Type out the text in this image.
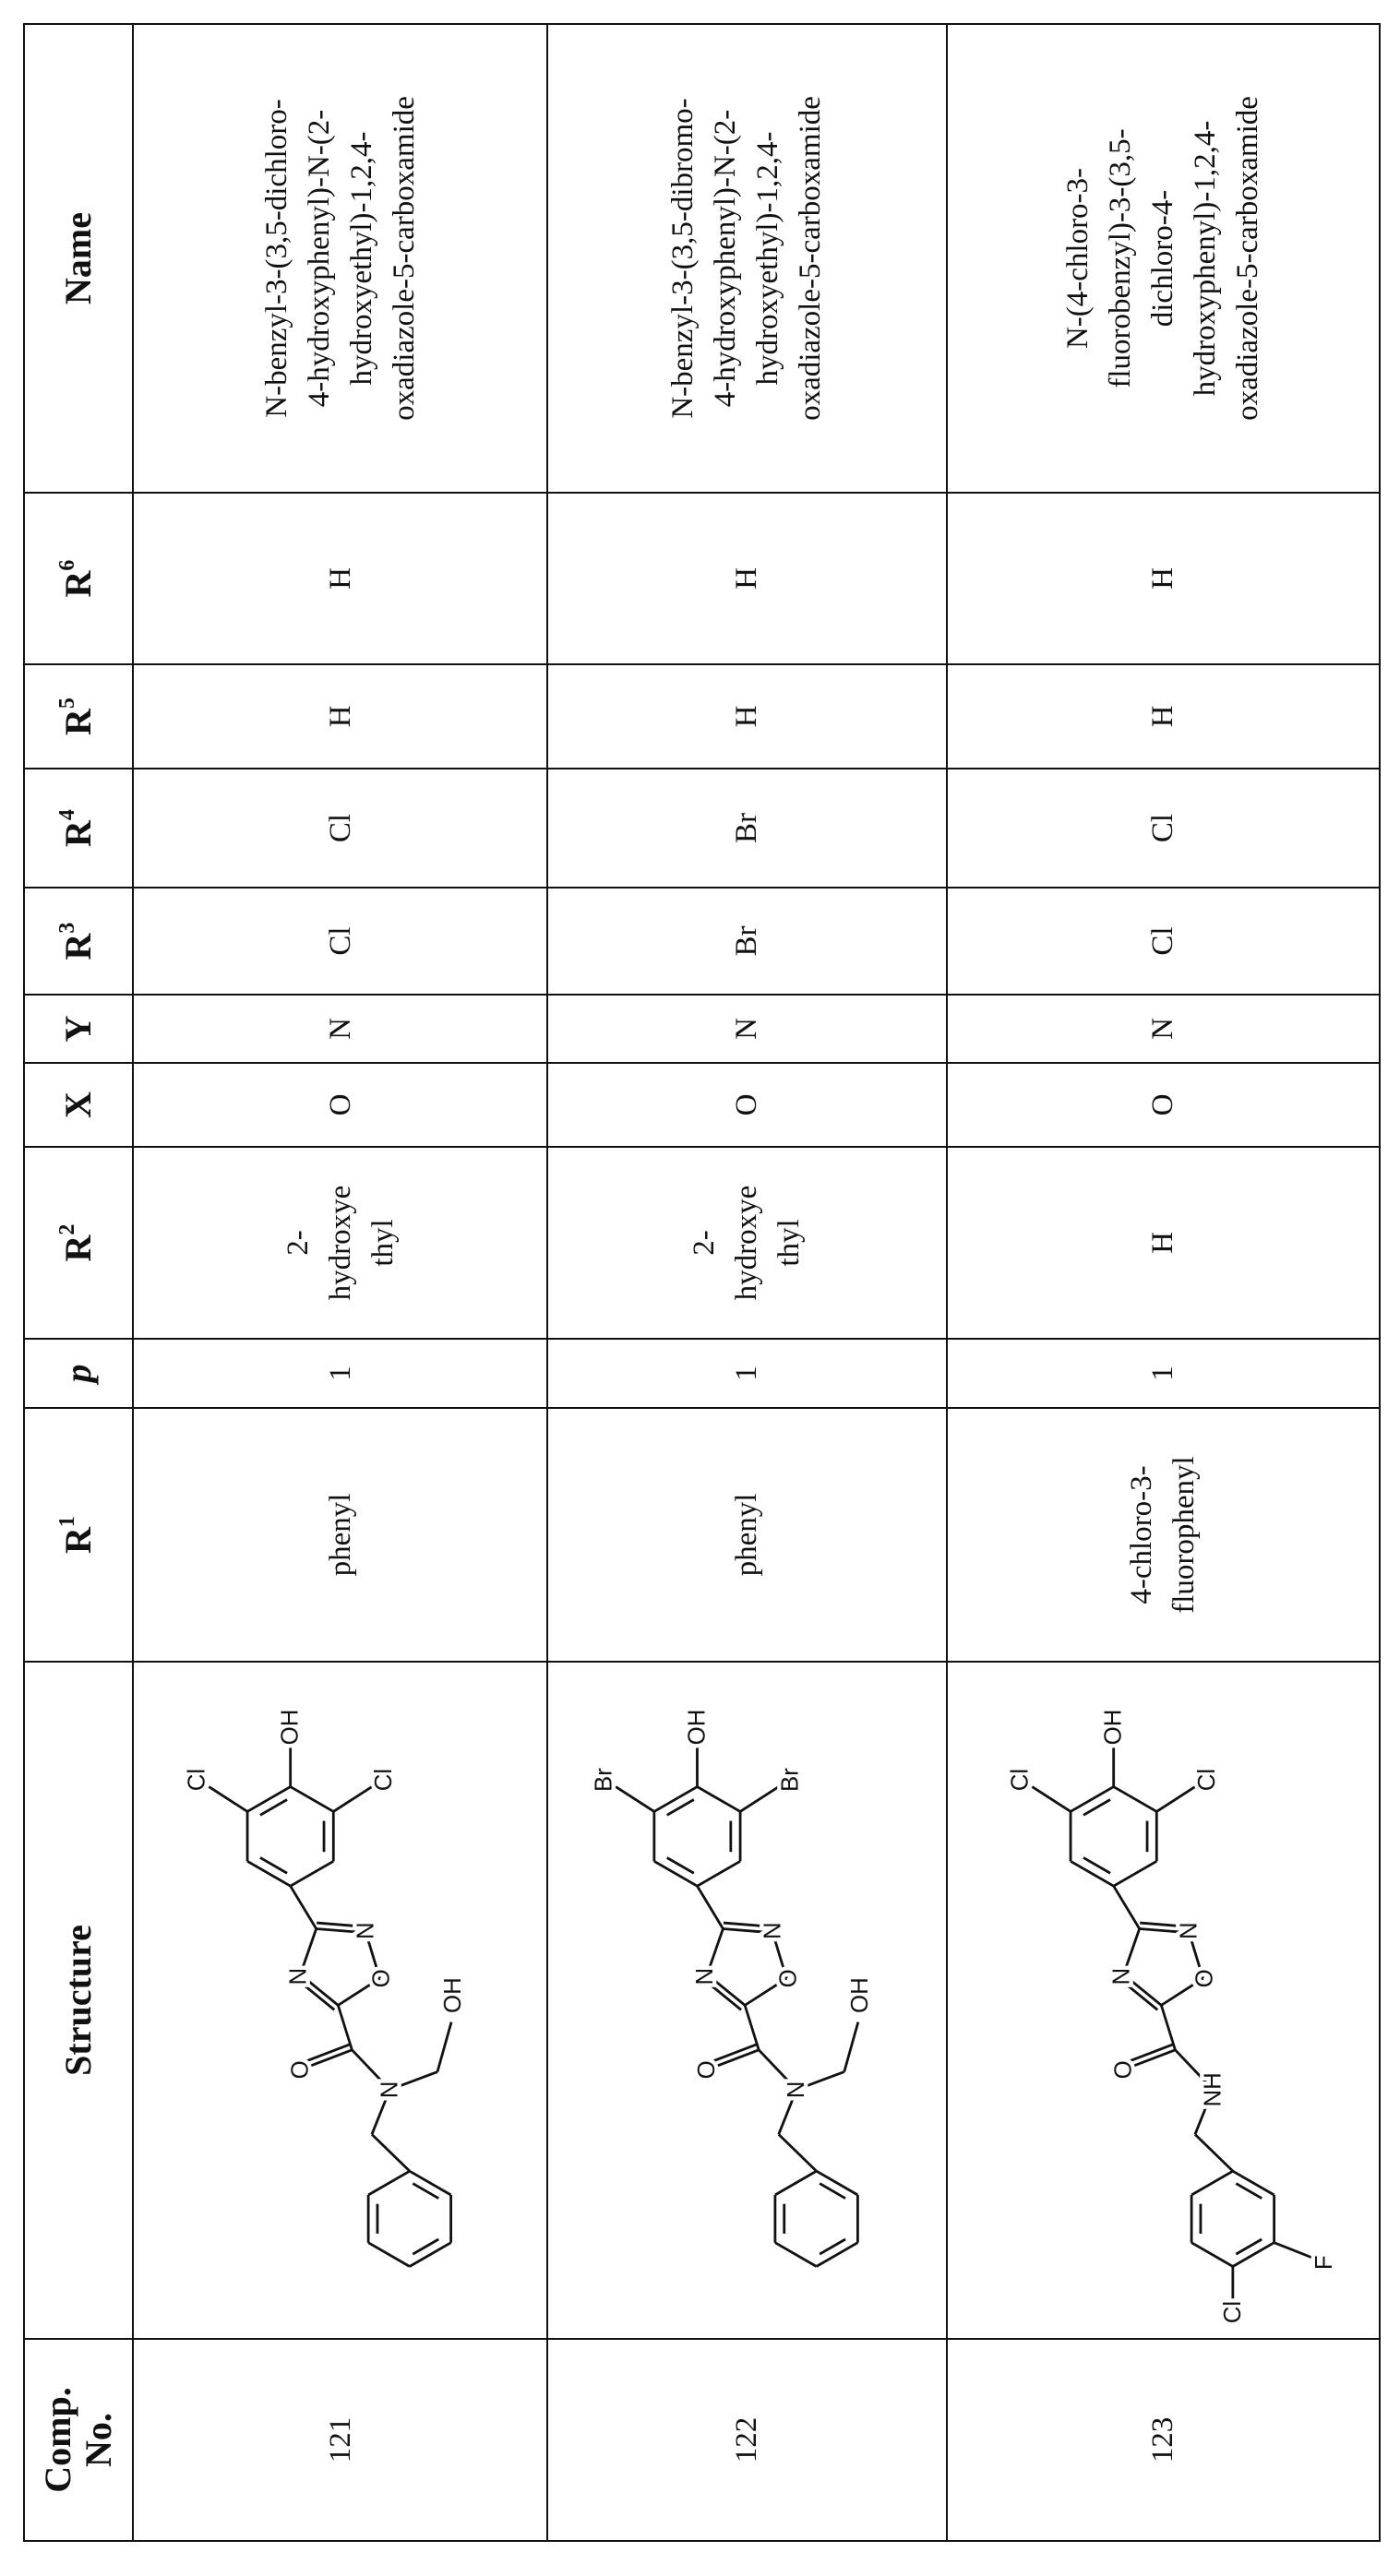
Comp. No.
	Structure	R1	p	R2	X	Y	R3	R4	R5	R6	Name
121	
N
OH
O
O
N
N
Cl	Cl
OH
	phenyl	1	
2- hydroxye thyl
	O	N	Cl	Cl	H	H	
N-benzyl-3-(3,5-dichloro- 4-hydroxyphenyl)-N-(2- hydroxyethyl)-1,2,4- oxadiazole-5-carboxamide

122	
N
OH
O
O
N
N
Br	Br
OH
	phenyl	1	
2- hydroxye thyl
	O	N	Br	Br	H	H	
N-benzyl-3-(3,5-dibromo- 4-hydroxyphenyl)-N-(2- hydroxyethyl)-1,2,4- oxadiazole-5-carboxamide

123	
NH
O
O
N
N
Cl	Cl
OH
F
Cl

4-chloro-3- fluorophenyl
	1	
H
	O	N	Cl	Cl	H	H	
N-(4-chloro-3- fluorobenzyl)-3-(3,5- dichloro-4- hydroxyphenyl)-1,2,4- oxadiazole-5-carboxamide
